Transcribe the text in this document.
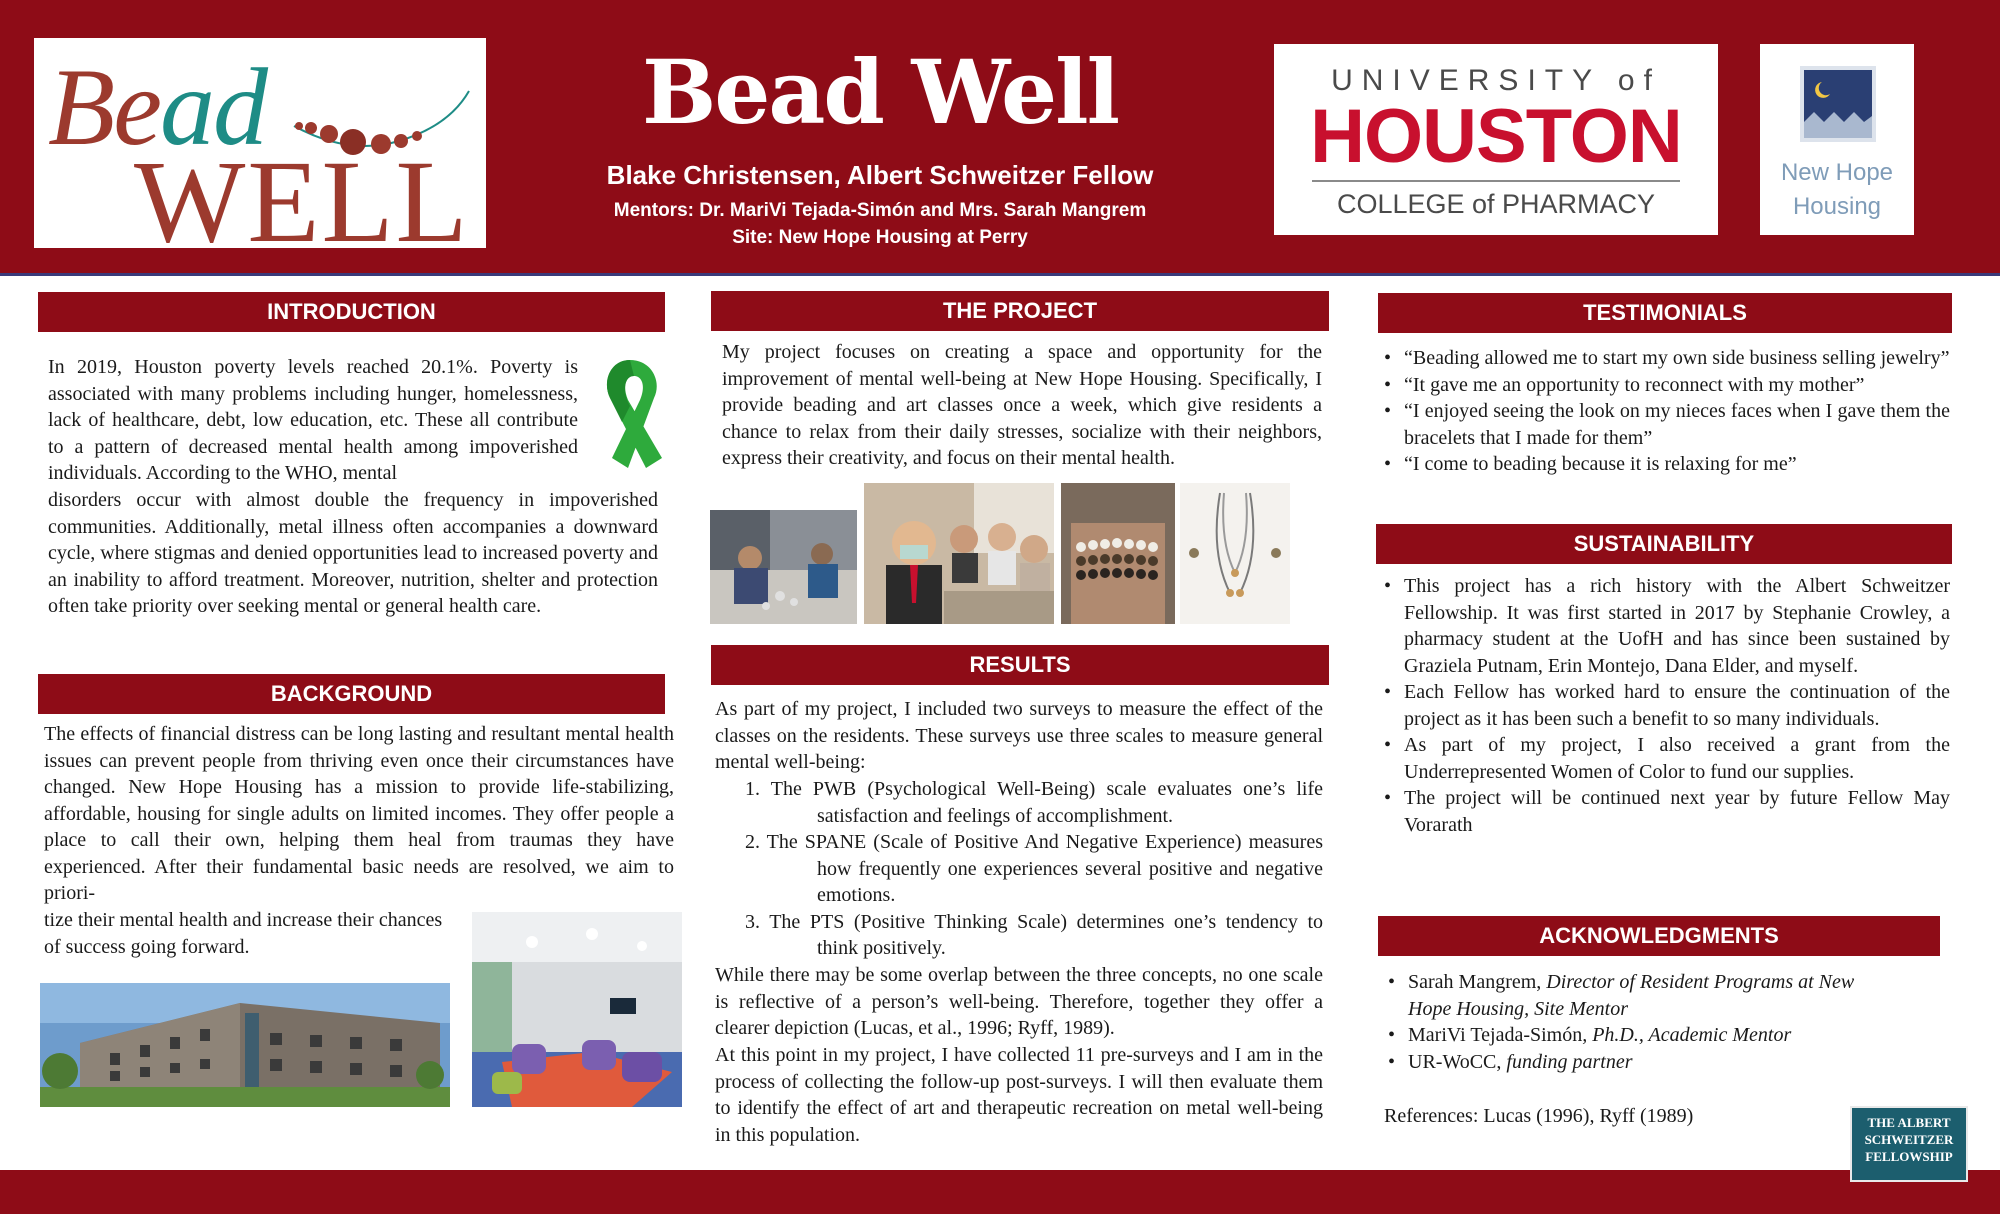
Bead
WELL
Bead Well
Blake Christensen, Albert Schweitzer Fellow
Mentors: Dr. MariVi Tejada-Simón and Mrs. Sarah Mangrem
Site: New Hope Housing at Perry
UNIVERSITY of
HOUSTON
COLLEGE of PHARMACY
New Hope
Housing
INTRODUCTION
In 2019, Houston poverty levels reached 20.1%. Poverty is associated with many problems including hunger, homelessness, lack of healthcare, debt, low education, etc. These all contribute to a pattern of decreased mental health among impoverished individuals. According to the WHO, mental
disorders occur with almost double the frequency in impoverished communities. Additionally, metal illness often accompanies a downward cycle, where stigmas and denied opportunities lead to increased poverty and an inability to afford treatment. Moreover, nutrition, shelter and protection often take priority over seeking mental or general health care.
BACKGROUND
The effects of financial distress can be long lasting and resultant mental health issues can prevent people from thriving even once their circumstances have changed. New Hope Housing has a mission to provide life-stabilizing, affordable, housing for single adults on limited incomes. They offer people a place to call their own, helping them heal from traumas they have experienced. After their fundamental basic needs are resolved, we aim to priori-
tize their mental health and increase their chances of success going forward.
THE PROJECT
My project focuses on creating a space and opportunity for the improvement of mental well-being at New Hope Housing. Specifically, I provide beading and art classes once a week, which give residents a chance to relax from their daily stresses, socialize with their neighbors, express their creativity, and focus on their mental health.
RESULTS
As part of my project, I included two surveys to measure the effect of the classes on the residents. These surveys use three scales to measure general mental well-being:
1. The PWB (Psychological Well-Being) scale evaluates one’s life satisfaction and feelings of accomplishment.
2. The SPANE (Scale of Positive And Negative Experience) measures how frequently one experiences several positive and negative emotions.
3. The PTS (Positive Thinking Scale) determines one’s tendency to think positively.
While there may be some overlap between the three concepts, no one scale is reflective of a person’s well-being. Therefore, together they offer a clearer depiction (Lucas, et al., 1996; Ryff, 1989).
At this point in my project, I have collected 11 pre-surveys and I am in the process of collecting the follow-up post-surveys. I will then evaluate them to identify the effect of art and therapeutic recreation on metal well-being in this population.
TESTIMONIALS
• “Beading allowed me to start my own side business selling jewelry”
• “It gave me an opportunity to reconnect with my mother”
• “I enjoyed seeing the look on my nieces faces when I gave them the bracelets that I made for them”
• “I come to beading because it is relaxing for me”
SUSTAINABILITY
• This project has a rich history with the Albert Schweitzer Fellowship. It was first started in 2017 by Stephanie Crowley, a pharmacy student at the UofH and has since been sustained by Graziela Putnam, Erin Montejo, Dana Elder, and myself.
• Each Fellow has worked hard to ensure the continuation of the project as it has been such a benefit to so many individuals.
• As part of my project, I also received a grant from the Underrepresented Women of Color to fund our supplies.
• The project will be continued next year by future Fellow May Vorarath
ACKNOWLEDGMENTS
• Sarah Mangrem, Director of Resident Programs at New Hope Housing, Site Mentor
• MariVi Tejada-Simón, Ph.D., Academic Mentor
• UR-WoCC, funding partner
References: Lucas (1996), Ryff (1989)	THE ALBERT
SCHWEITZER
FELLOWSHIP
